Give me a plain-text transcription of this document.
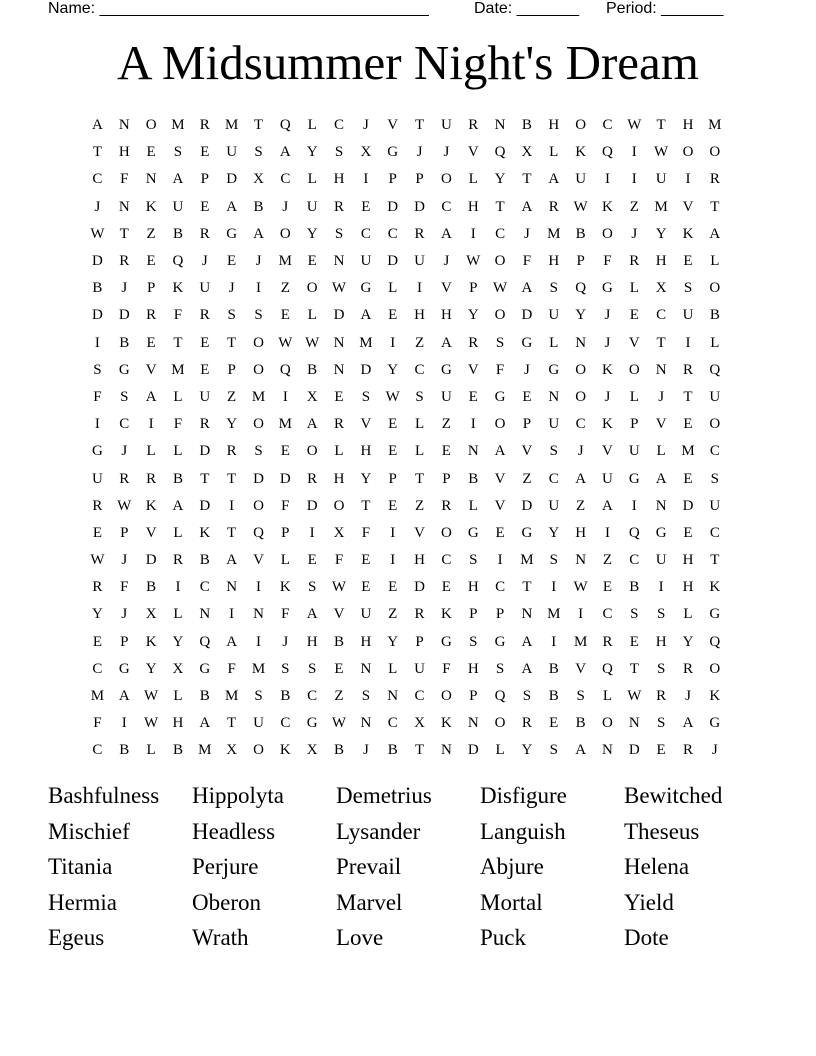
Name: _____________________________________	Date: _______ Period: _______
A Midsummer Night's Dream
A	N	O M	R	M	T	Q	L	C	J	V	T	U	R	N	B	H	O	C W	T	H M
T	H	E	S	E	U	S	A	Y	S	X	G	J	J	V	Q	X	L	K	Q	I	W O	O
C	F	N	A	P	D	X	C	L	H	I	P	P	O	L	Y	T	A	U	I	I	U	I	R
J	N	K	U	E	A	B	J	U	R	E	D	D	C	H	T	A	R W K	Z	M V	T
W	T	Z	B	R	G	A	O	Y	S	C	C	R	A	I	C	J	M	B	O	J	Y	K	A
D	R	E	Q	J	E	J	M	E	N	U	D	U	J	W O	F	H	P	F	R	H	E	L
B	J	P	K	U	J	I	Z	O W G	L	I	V	P	W A	S	Q	G	L	X	S	O
D	D	R	F	R	S	S	E	L	D	A	E	H	H	Y	O	D	U	Y	J	E	C	U	B
I	B	E	T	E	T	O W W N M	I	Z	A	R	S	G	L	N	J	V	T	I	L
S	G	V M	E	P	O	Q	B	N	D	Y	C	G	V	F	J	G	O	K	O	N	R	Q
F	S	A	L	U	Z	M	I	X	E	S	W	S	U	E	G	E	N	O	J	L	J	T	U
I	C	I	F	R	Y	O M A	R	V	E	L	Z	I	O	P	U	C	K	P	V	E	O
G	J	L	L	D	R	S	E	O	L	H	E	L	E	N	A	V	S	J	V	U	L	M	C
U	R	R	B	T	T	D	D	R	H	Y	P	T	P	B	V	Z	C	A	U	G	A	E	S
R W K	A	D	I	O	F	D	O	T	E	Z	R	L	V	D	U	Z	A	I	N	D	U
E	P	V	L	K	T	Q	P	I	X	F	I	V	O	G	E	G	Y	H	I	Q	G	E	C
W	J	D	R	B	A	V	L	E	F	E	I	H	C	S	I	M	S	N	Z	C	U	H	T
R	F	B	I	C	N	I	K	S	W	E	E	D	E	H	C	T	I	W	E	B	I	H	K
Y	J	X	L	N	I	N	F	A	V	U	Z	R	K	P	P	N M	I	C	S	S	L	G
E	P	K	Y	Q	A	I	J	H	B	H	Y	P	G	S	G	A	I	M	R	E	H	Y	Q
C	G	Y	X	G	F	M	S	S	E	N	L	U	F	H	S	A	B	V	Q	T	S	R	O
M A W	L	B	M	S	B	C	Z	S	N	C	O	P	Q	S	B	S	L	W R	J	K
F	I	W H	A	T	U	C	G W N	C	X	K	N	O	R	E	B	O	N	S	A	G
C	B	L	B	M X	O	K	X	B	J	B	T	N	D	L	Y	S	A	N	D	E	R	J
Bashfulness	Hippolyta	Demetrius	Disfigure	Bewitched
Mischief	Headless	Lysander	Languish	Theseus
Titania	Perjure	Prevail	Abjure	Helena
Hermia	Oberon	Marvel	Mortal	Yield
Egeus	Wrath	Love	Puck	Dote
